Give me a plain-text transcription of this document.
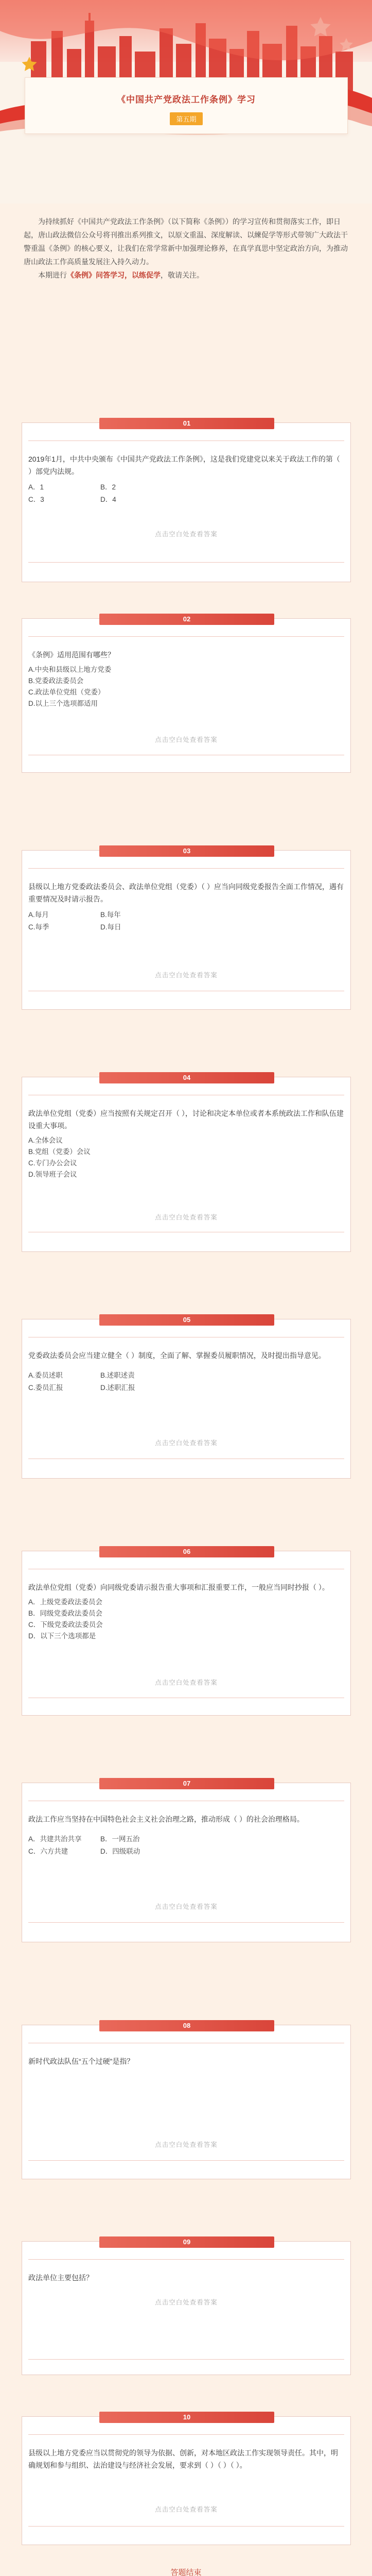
《中国共产党政法工作条例》学习
第五期

为持续抓好《中国共产党政法工作条例》（以下简称《条例》）的学习宣传和贯彻落实工作，即日起，唐山政法微信公众号将刊推出系列推文，以原文重温、深度解读、以練促学等形式带领广大政法干警重温《条例》的核心要义，让我们在常学常新中加强理论修养，在真学真思中坚定政治方向，为推动唐山政法工作高质量发展注入持久动力。

本期进行《条例》问答学习，以练促学，敬请关注。

01
2019年1月，中共中央颁布《中国共产党政法工作条例》，这是我们党建党以来关于政法工作的第（ ）部党内法规。
A．1	B．2
C．3	D．4
点击空白处查看答案
02
《条例》适用范围有哪些？
A.中央和县级以上地方党委
B.党委政法委员会
C.政法单位党组（党委）
D.以上三个选项都适用
点击空白处查看答案
03
县级以上地方党委政法委员会、政法单位党组（党委）（ ）应当向同级党委报告全面工作情况，遇有重要情况及时请示报告。
A.每月	B.每年
C.每季	D.每日
点击空白处查看答案
04
政法单位党组（党委）应当按照有关规定召开（ ），讨论和决定本单位或者本系统政法工作和队伍建设重大事项。
A.全体会议
B.党组（党委）会议
C.专门办公会议
D.领导班子会议
点击空白处查看答案
05
党委政法委员会应当建立健全（ ）制度，全面了解、掌握委员履职情况，及时提出指导意见。
A.委员述职	B.述职述责
C.委员汇报	D.述职汇报
点击空白处查看答案
06
政法单位党组（党委）向同级党委请示报告重大事项和汇报重要工作，一般应当同时抄报（ ）。
A．上级党委政法委员会
B．同级党委政法委员会
C．下级党委政法委员会
D．以下三个选项都是
点击空白处查看答案
07
政法工作应当坚持在中国特色社会主义社会治理之路，推动形成（ ）的社会治理格局。
A．共建共治共享	B．一网五治
C．六方共建	D．四级联动
点击空白处查看答案
08
新时代政法队伍“五个过硬”是指？
点击空白处查看答案
09
政法单位主要包括？
点击空白处查看答案
10
县级以上地方党委应当以贯彻党的领导为依据、创新，对本地区政法工作实现领导责任。其中，明确规划和参与组织、法治建设与经济社会发展，要求到（ ）（ ）（ ）。
点击空白处查看答案
答题结束
